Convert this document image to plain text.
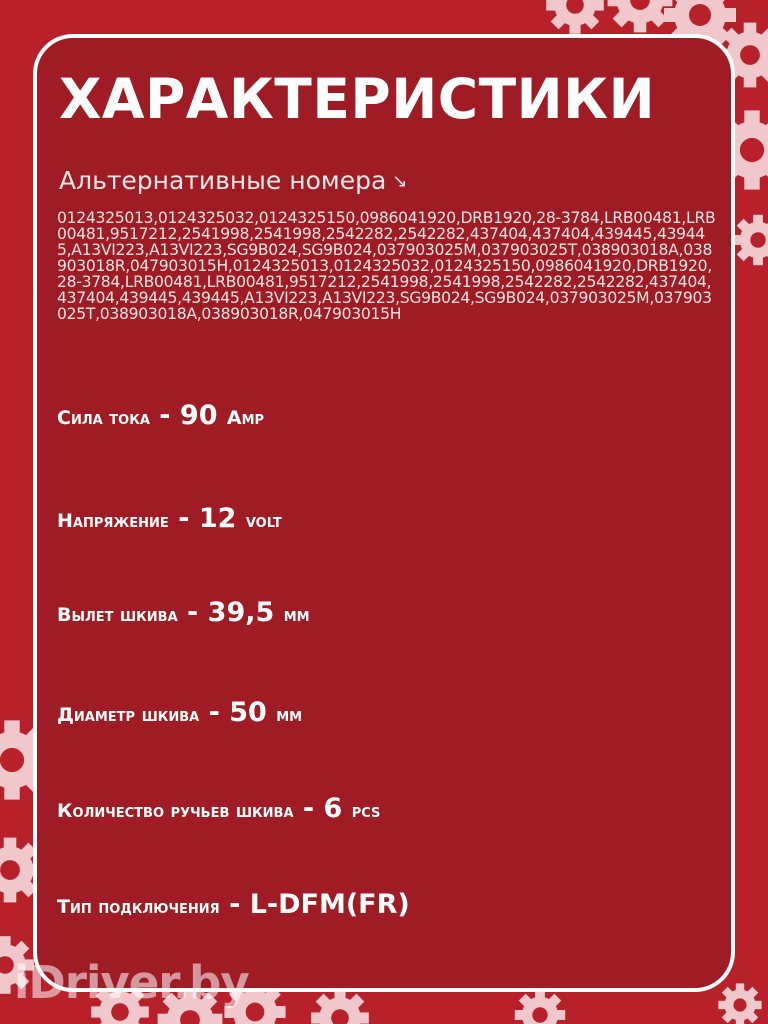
ХАРАКТЕРИСТИКИ
Альтернативные номера ↘
0124325013,0124325032,0124325150,0986041920,DRB1920,28-3784,LRB00481,LRB00481,9517212,2541998,2541998,2542282,2542282,437404,437404,439445,439445,A13VI223,A13VI223,SG9B024,SG9B024,037903025M,037903025T,038903018A,038903018R,047903015H,0124325013,0124325032,0124325150,0986041920,DRB1920,28-3784,LRB00481,LRB00481,9517212,2541998,2541998,2542282,2542282,437404,437404,439445,439445,A13VI223,A13VI223,SG9B024,SG9B024,037903025M,037903025T,038903018A,038903018R,047903015H
Сила тока - 90 Amp
Напряжение - 12 volt
Вылет шкива - 39,5 мм
Диаметр шкива - 50 мм
Количество ручьев шкива - 6 pcs
Тип подключения - L-DFM(FR)
iDriver.by
